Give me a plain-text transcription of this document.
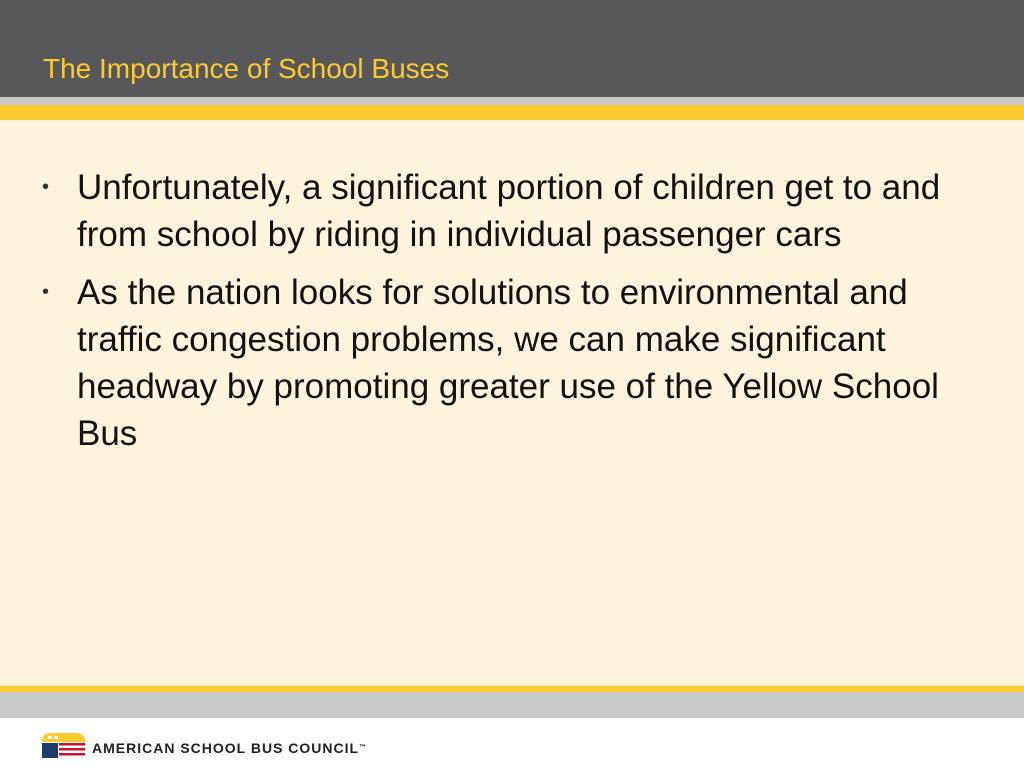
The Importance of School Buses
• Unfortunately, a significant portion of children get to and from school by riding in individual passenger cars
• As the nation looks for solutions to environmental and traffic congestion problems, we can make significant headway by promoting greater use of the Yellow School Bus
AMERICAN SCHOOL BUS COUNCIL™
